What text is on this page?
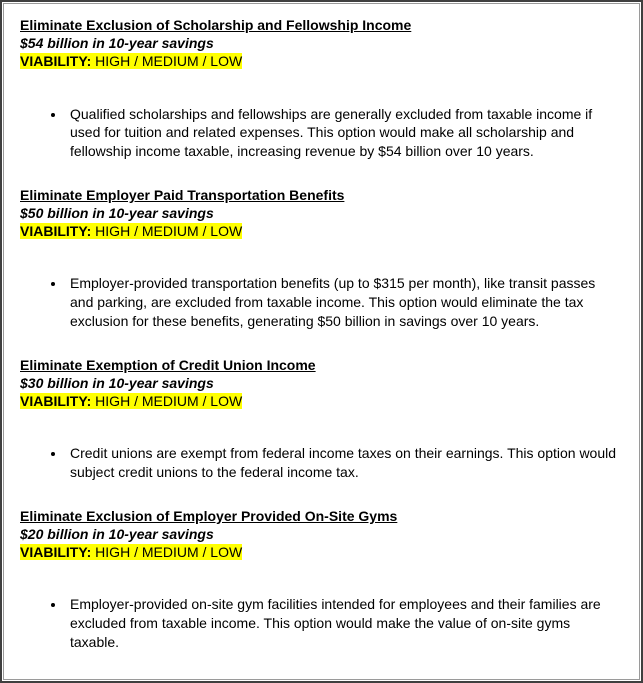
Eliminate Exclusion of Scholarship and Fellowship Income
$54 billion in 10-year savings
VIABILITY: HIGH / MEDIUM / LOW
• Qualified scholarships and fellowships are generally excluded from taxable income if used for tuition and related expenses. This option would make all scholarship and fellowship income taxable, increasing revenue by $54 billion over 10 years.
Eliminate Employer Paid Transportation Benefits
$50 billion in 10-year savings
VIABILITY: HIGH / MEDIUM / LOW
• Employer-provided transportation benefits (up to $315 per month), like transit passes and parking, are excluded from taxable income. This option would eliminate the tax exclusion for these benefits, generating $50 billion in savings over 10 years.
Eliminate Exemption of Credit Union Income
$30 billion in 10-year savings
VIABILITY: HIGH / MEDIUM / LOW
• Credit unions are exempt from federal income taxes on their earnings. This option would subject credit unions to the federal income tax.
Eliminate Exclusion of Employer Provided On-Site Gyms
$20 billion in 10-year savings
VIABILITY: HIGH / MEDIUM / LOW
• Employer-provided on-site gym facilities intended for employees and their families are excluded from taxable income. This option would make the value of on-site gyms taxable.
